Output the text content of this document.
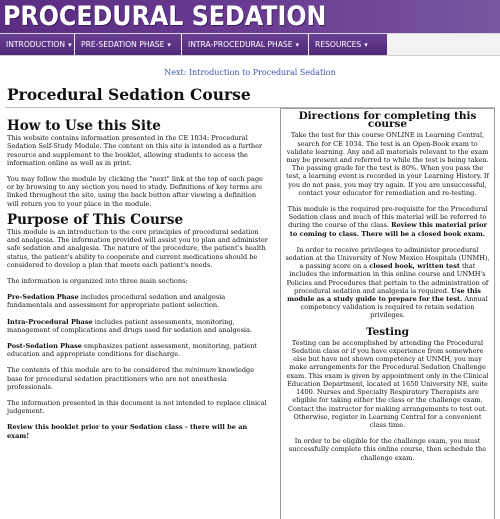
PROCEDURAL SEDATION
INTRODUCTION ▾	PRE-SEDATION PHASE ▾	INTRA-PROCEDURAL PHASE ▾	RESOURCES ▾
Next: Introduction to Procedural Sedation
Procedural Sedation Course
How to Use this Site

This website contains information presented in the CE 1034: Procedural Sedation Self-Study Module. The content on this site is intended as a further resource and supplement to the booklet, allowing students to access the information online as well as in print.

You may follow the module by clicking the "next" link at the top of each page or by browsing to any section you need to study. Definitions of key terms are linked throughout the site, using the back button after viewing a definition will return you to your place in the module.

Purpose of This Course

This module is an introduction to the core principles of procedural sedation and analgesia. The information provided will assist you to plan and administer safe sedation and analgesia. The nature of the procedure, the patient's health status, the patient's ability to cooperate and current medications should be considered to develop a plan that meets each patient's needs.

The information is organized into three main sections:

Pre-Sedation Phase includes procedural sedation and analgesia fundamentals and assessment for appropriate patient selection.

Intra-Procedural Phase includes patient assessments, monitoring, management of complications and drugs used for sedation and analgesia.

Post-Sedation Phase emphasizes patient assessment, monitoring, patient education and appropriate conditions for discharge.

The contents of this module are to be considered the minimum knowledge base for procedural sedation practitioners who are not anesthesia professionals.

The information presented in this document is not intended to replace clinical judgement.

Review this booklet prior to your Sedation class - there will be an exam!

Directions for completing this course

Take the test for this course ONLINE in Learning Central, search for CE 1034. The test is an Open-Book exam to validate learning. Any and all materials relevant to the exam may be present and referred to while the test is being taken. The passing grade for the test is 80%. When you pass the test, a learning event is recorded in your Learning History. If you do not pass, you may try again. If you are unsuccessful, contact your educator for remediation and re-testing.

This module is the required pre-requisite for the Procedural Sedation class and much of this material will be referred to during the course of the class. Review this material prior to coming to class. There will be a closed book exam.

In order to receive privileges to administer procedural sedation at the University of New Mexico Hospitals (UNMH), a passing score on a closed book, written test that includes the information in this online course and UNMH's Policies and Procedures that pertain to the administration of procedural sedation and analgesia is required. Use this module as a study guide to prepare for the test. Annual competency validation is required to retain sedation privileges.

Testing

Testing can be accomplished by attending the Procedural Sedation class or if you have experience from somewhere else but have not shown competency at UNMH, you may make arrangements for the Procedural Sedation Challenge exam. This exam is given by appointment only in the Clinical Education Department, located at 1650 University NE, suite 1400. Nurses and Specialty Respiratory Therapists are eligible for taking either the class or the challenge exam. Contact the instructor for making arrangements to test out. Otherwise, register in Learning Central for a convenient class time.

In order to be eligible for the challenge exam, you must successfully complete this online course, then schedule the challenge exam.
